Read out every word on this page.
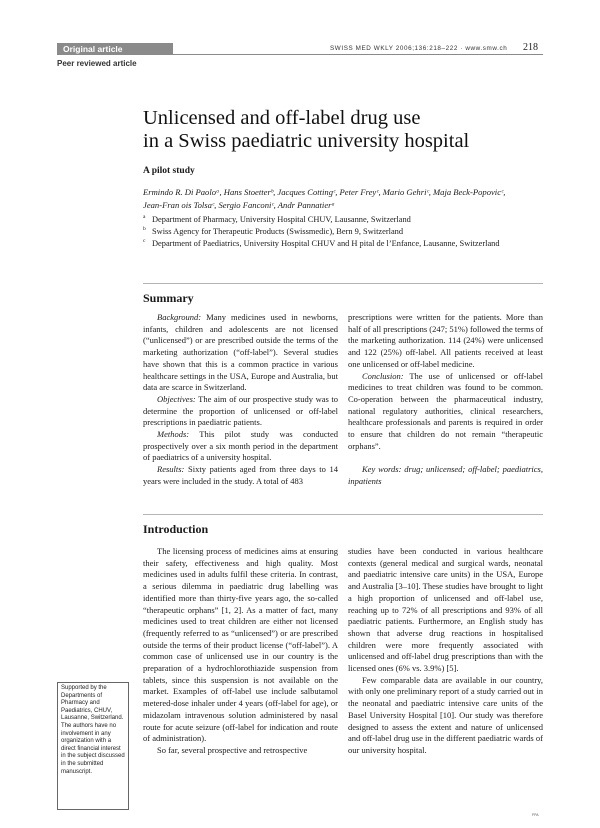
Original article	SWISS MED WKLY 2006;136:218–222 · www.smw.ch 218
Peer reviewed article
Unlicensed and off-label drug use
in a Swiss paediatric university hospital
A pilot study
Ermindo R. Di Paoloᵃ, Hans Stoetterᵇ, Jacques Cottingᶜ, Peter Freyᶜ, Mario Gehriᶜ, Maja Beck-Popovicᶜ,
Jean-Fran ois Tolsaᶜ, Sergio Fanconiᶜ, Andr Pannatierᵃ
a Department of Pharmacy, University Hospital CHUV, Lausanne, Switzerland
b Swiss Agency for Therapeutic Products (Swissmedic), Bern 9, Switzerland
c Department of Paediatrics, University Hospital CHUV and H pital de l’Enfance, Lausanne, Switzerland
Summary

Background: Many medicines used in newborns, infants, children and adolescents are not licensed (“unlicensed”) or are prescribed outside the terms of the marketing authorization (“off-label”). Several studies have shown that this is a common practice in various healthcare settings in the USA, Europe and Australia, but data are scarce in Switzerland.

Objectives: The aim of our prospective study was to determine the proportion of unlicensed or off-label prescriptions in paediatric patients.

Methods: This pilot study was conducted prospectively over a six month period in the department of paediatrics of a university hospital.

Results: Sixty patients aged from three days to 14 years were included in the study. A total of 483

prescriptions were written for the patients. More than half of all prescriptions (247; 51%) followed the terms of the marketing authorization. 114 (24%) were unlicensed and 122 (25%) off-label. All patients received at least one unlicensed or off-label medicine.

Conclusion: The use of unlicensed or off-label medicines to treat children was found to be common. Co-operation between the pharmaceutical industry, national regulatory authorities, clinical researchers, healthcare professionals and parents is required in order to ensure that children do not remain “therapeutic orphans”.

Key words: drug; unlicensed; off-label; paediatrics, inpatients

Introduction

The licensing process of medicines aims at ensuring their safety, effectiveness and high quality. Most medicines used in adults fulfil these criteria. In contrast, a serious dilemma in paediatric drug labelling was identified more than thirty-five years ago, the so-called “therapeutic orphans” [1, 2]. As a matter of fact, many medicines used to treat children are either not licensed (frequently referred to as “unlicensed”) or are prescribed outside the terms of their product license (“off-label”). A common case of unlicensed use in our country is the preparation of a hydrochlorothiazide suspension from tablets, since this suspension is not available on the market. Examples of off-label use include salbutamol metered-dose inhaler under 4 years (off-label for age), or midazolam intravenous solution administered by nasal route for acute seizure (off-label for indication and route of administration).

So far, several prospective and retrospective

studies have been conducted in various healthcare contexts (general medical and surgical wards, neonatal and paediatric intensive care units) in the USA, Europe and Australia [3–10]. These studies have brought to light a high proportion of unlicensed and off-label use, reaching up to 72% of all prescriptions and 93% of all paediatric patients. Furthermore, an English study has shown that adverse drug reactions in hospitalised children were more frequently associated with unlicensed and off-label drug prescriptions than with the licensed ones (6% vs. 3.9%) [5].

Few comparable data are available in our country, with only one preliminary report of a study carried out in the neonatal and paediatric intensive care units of the Basel University Hospital [10]. Our study was therefore designed to assess the extent and nature of unlicensed and off-label drug use in the different paediatric wards of our university hospital.

Supported by the Departments of Pharmacy and Paediatrics, CHUV, Lausanne, Switzerland. The authors have no involvement in any organization with a direct financial interest in the subject discussed in the submitted manuscript.
FPA
